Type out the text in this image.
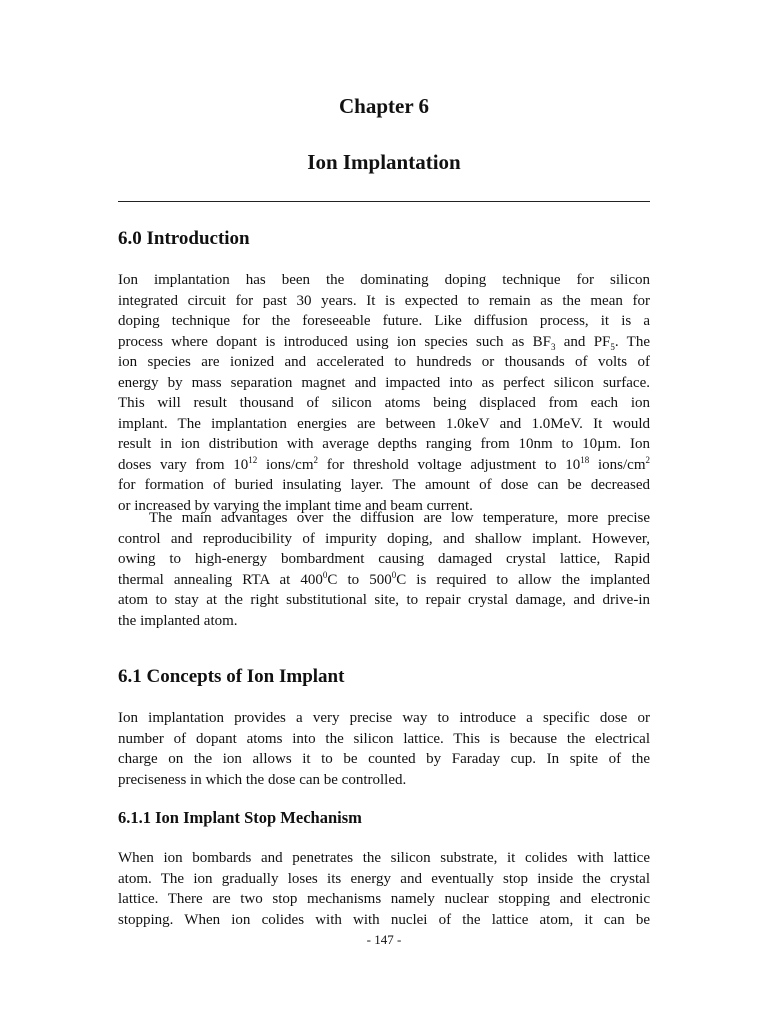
Chapter 6
Ion Implantation
6.0 Introduction
Ion implantation has been the dominating doping technique for silicon
integrated circuit for past 30 years. It is expected to remain as the mean for
doping technique for the foreseeable future. Like diffusion process, it is a
process where dopant is introduced using ion species such as $BF_3$ and $PF_5$. The
ion species are ionized and accelerated to hundreds or thousands of volts of
energy by mass separation magnet and impacted into as perfect silicon surface.
This will result thousand of silicon atoms being displaced from each ion
implant. The implantation energies are between 1.0keV and 1.0MeV. It would
result in ion distribution with average depths ranging from 10nm to 10µm. Ion
doses vary from $10^{12}$ ions/$cm^2$ for threshold voltage adjustment to $10^{18}$ ions/$cm^2$
for formation of buried insulating layer. The amount of dose can be decreased
or increased by varying the implant time and beam current.
The main advantages over the diffusion are low temperature, more precise
control and reproducibility of impurity doping, and shallow implant. However,
owing to high-energy bombardment causing damaged crystal lattice, Rapid
thermal annealing RTA at $400^0C$ to $500^0C$ is required to allow the implanted
atom to stay at the right substitutional site, to repair crystal damage, and drive-in
the implanted atom.
6.1 Concepts of Ion Implant
Ion implantation provides a very precise way to introduce a specific dose or
number of dopant atoms into the silicon lattice. This is because the electrical
charge on the ion allows it to be counted by Faraday cup. In spite of the
preciseness in which the dose can be controlled.
6.1.1 Ion Implant Stop Mechanism
When ion bombards and penetrates the silicon substrate, it colides with lattice
atom. The ion gradually loses its energy and eventually stop inside the crystal
lattice. There are two stop mechanisms namely nuclear stopping and electronic
stopping. When ion colides with with nuclei of the lattice atom, it can be
- 147 -
